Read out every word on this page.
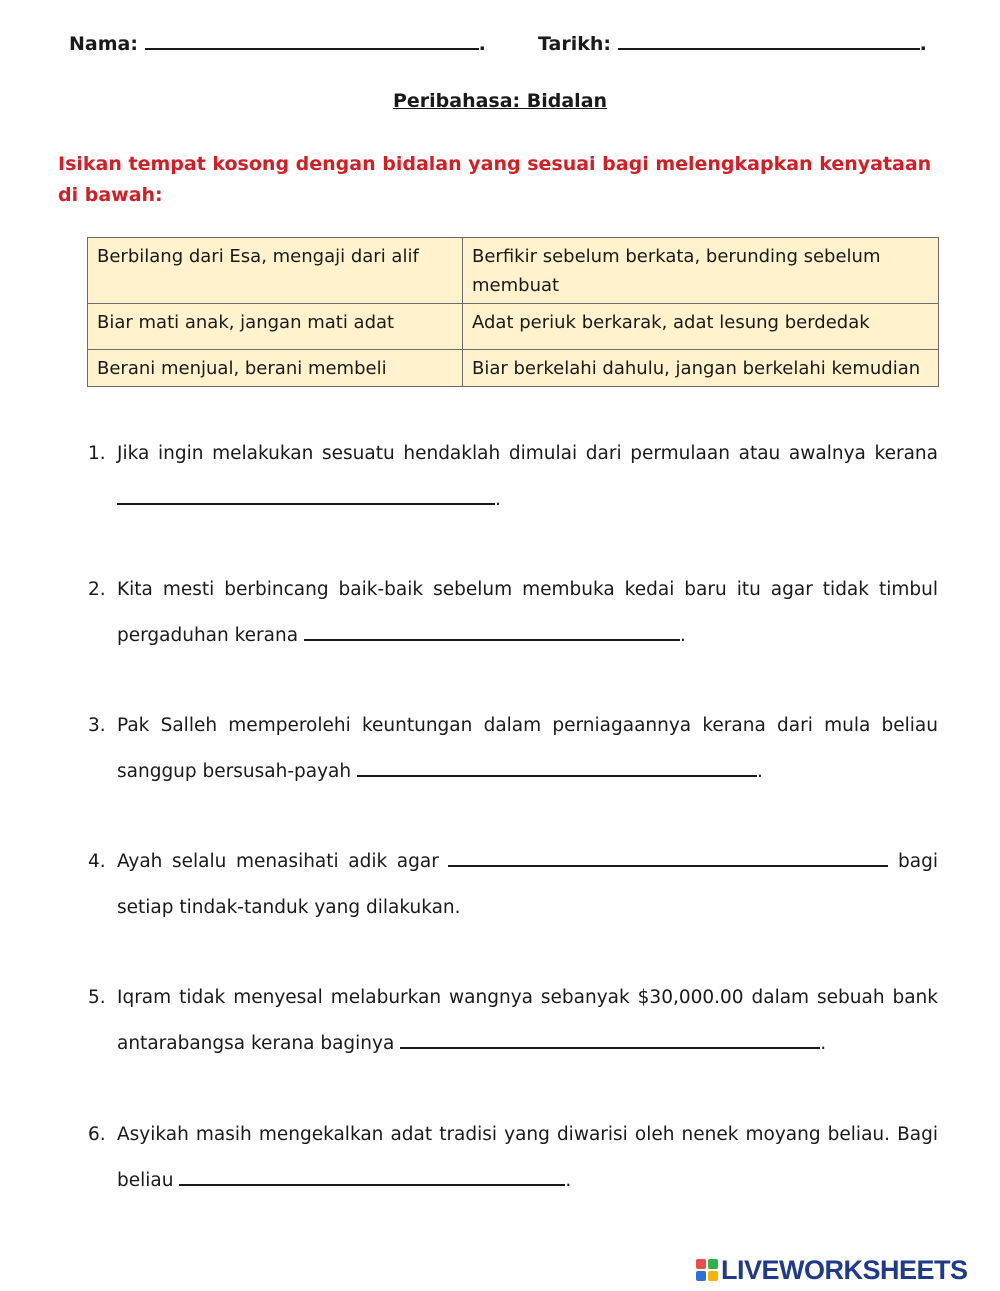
Nama:	.	Tarikh:	.
Peribahasa: Bidalan
Isikan tempat kosong dengan bidalan yang sesuai bagi melengkapkan kenyataan di bawah:
Berbilang dari Esa, mengaji dari alif	Berfikir sebelum berkata, berunding sebelum membuat
Biar mati anak, jangan mati adat	Adat periuk berkarak, adat lesung berdedak
Berani menjual, berani membeli	Biar berkelahi dahulu, jangan berkelahi kemudian
1. Jika ingin melakukan sesuatu hendaklah dimulai dari permulaan atau awalnya kerana .
2. Kita mesti berbincang baik-baik sebelum membuka kedai baru itu agar tidak timbul pergaduhan kerana	.
3. Pak Salleh memperolehi keuntungan dalam perniagaannya kerana dari mula beliau sanggup bersusah-payah	.
4. Ayah selalu menasihati adik agar	bagi setiap tindak-tanduk yang dilakukan.
5. Iqram tidak menyesal melaburkan wangnya sebanyak $30,000.00 dalam sebuah bank antarabangsa kerana baginya	.
6. Asyikah masih mengekalkan adat tradisi yang diwarisi oleh nenek moyang beliau. Bagi beliau	.
LIVEWORKSHEETS
